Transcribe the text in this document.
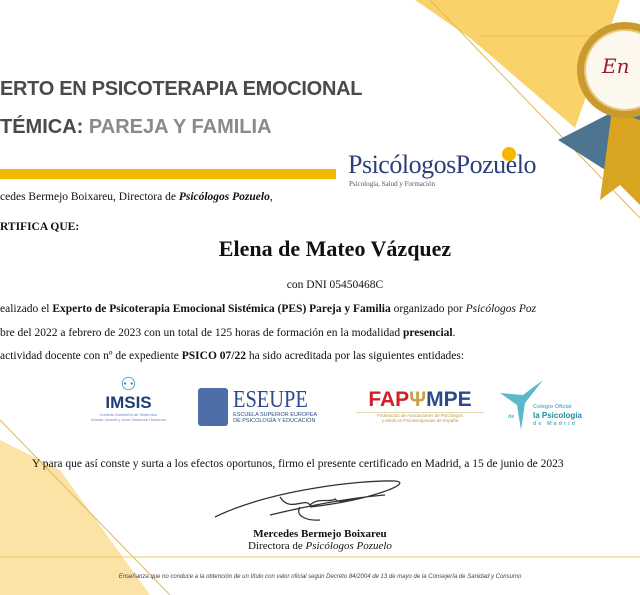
En
ERTO EN PSICOTERAPIA EMOCIONAL
TÉMICA: PAREJA Y FAMILIA
PsicólogosPozuelo
Psicología, Salud y Formación
cedes Bermejo Boixareu, Directora de Psicólogos Pozuelo,
RTIFICA QUE:
Elena de Mateo Vázquez
con DNI 05450468C
ealizado el Experto de Psicoterapia Emocional Sistémica (PES) Pareja y Familia organizado por Psicólogos Poz
bre del 2022 a febrero de 2023 con un total de 125 horas de formación en la modalidad presencial.
actividad docente con nº de expediente PSICO 07/22 ha sido acreditada por las siguientes entidades:
⚇
IMSIS
Instituto Madrileño de Sistémica
Infanto-Juvenil y otros Sistemas Humanos

ESEUPE
ESCUELA SUPERIOR EUROPEA
DE PSICOLOGÍA Y EDUCACIÓN
FAPΨMPE
Federación de Asociaciones de Psicólogos
y Médicos Psicoterapeutas de España
Colegio Oficial
de la Psicología
de Madrid
Y para que así conste y surta a los efectos oportunos, firmo el presente certificado en Madrid, a 15 de junio de 2023
Mercedes Bermejo Boixareu
Directora de Psicólogos Pozuelo
Enseñanza que no conduce a la obtención de un título con valor oficial según Decreto 84/2004 de 13 de mayo de la Consejería de Sanidad y Consumo
